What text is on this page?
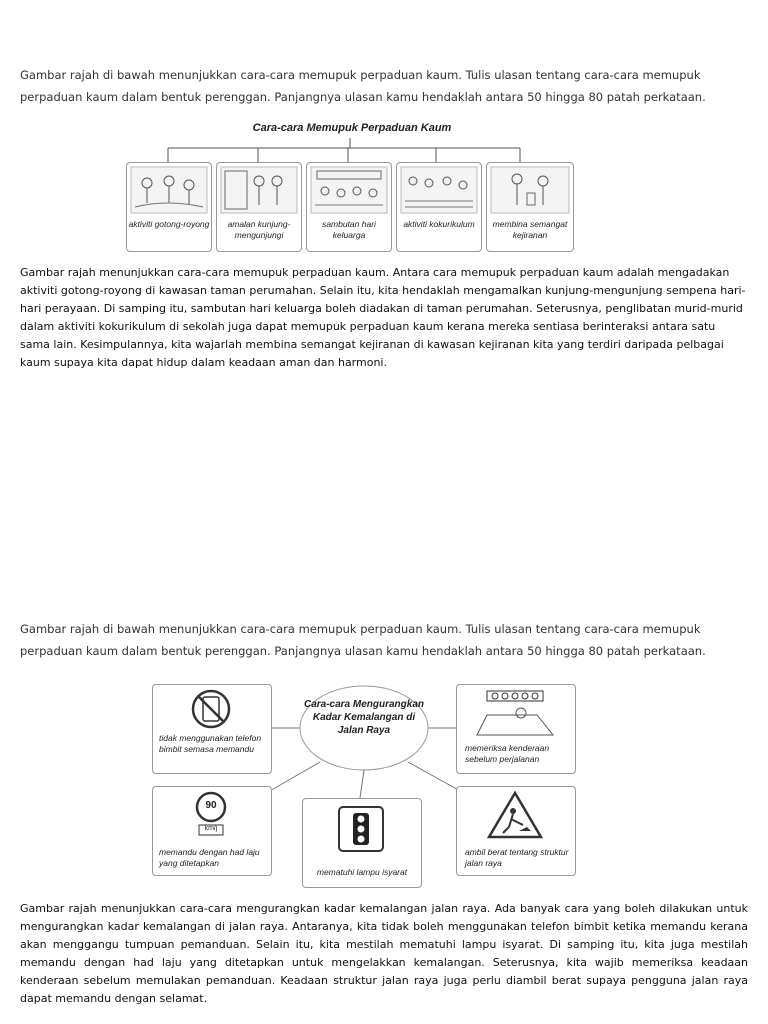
Gambar rajah di bawah menunjukkan cara-cara memupuk perpaduan kaum. Tulis ulasan tentang cara-cara memupuk perpaduan kaum dalam bentuk perenggan. Panjangnya ulasan kamu hendaklah antara 50 hingga 80 patah perkataan.
Cara-cara Memupuk Perpaduan Kaum
aktiviti gotong-royong	amalan kunjung-mengunjungi
sambutan hari keluarga
aktiviti kokurikulum	membina semangat kejiranan
Gambar rajah menunjukkan cara-cara memupuk perpaduan kaum. Antara cara memupuk perpaduan kaum adalah mengadakan aktiviti gotong-royong di kawasan taman perumahan. Selain itu, kita hendaklah mengamalkan kunjung-mengunjung sempena hari-hari perayaan. Di samping itu, sambutan hari keluarga boleh diadakan di taman perumahan. Seterusnya, penglibatan murid-murid dalam aktiviti kokurikulum di sekolah juga dapat memupuk perpaduan kaum kerana mereka sentiasa berinteraksi antara satu sama lain. Kesimpulannya, kita wajarlah membina semangat kejiranan di kawasan kejiranan kita yang terdiri daripada pelbagai kaum supaya kita dapat hidup dalam keadaan aman dan harmoni.
Gambar rajah di bawah menunjukkan cara-cara memupuk perpaduan kaum. Tulis ulasan tentang cara-cara memupuk perpaduan kaum dalam bentuk perenggan. Panjangnya ulasan kamu hendaklah antara 50 hingga 80 patah perkataan.
Cara-cara Mengurangkan Kadar Kemalangan di Jalan Raya
tidak menggunakan telefon bimbit semasa memandu	memeriksa kenderaan sebelum perjalanan
90
km/j
memandu dengan had laju yang ditetapkan
mematuhi lampu isyarat
ambil berat tentang struktur jalan raya
Gambar rajah menunjukkan cara-cara mengurangkan kadar kemalangan jalan raya. Ada banyak cara yang boleh dilakukan untuk mengurangkan kadar kemalangan di jalan raya. Antaranya, kita tidak boleh menggunakan telefon bimbit ketika memandu kerana akan menggangu tumpuan pemanduan. Selain itu, kita mestilah mematuhi lampu isyarat. Di samping itu, kita juga mestilah memandu dengan had laju yang ditetapkan untuk mengelakkan kemalangan. Seterusnya, kita wajib memeriksa keadaan kenderaan sebelum memulakan pemanduan. Keadaan struktur jalan raya juga perlu diambil berat supaya pengguna jalan raya dapat memandu dengan selamat.
